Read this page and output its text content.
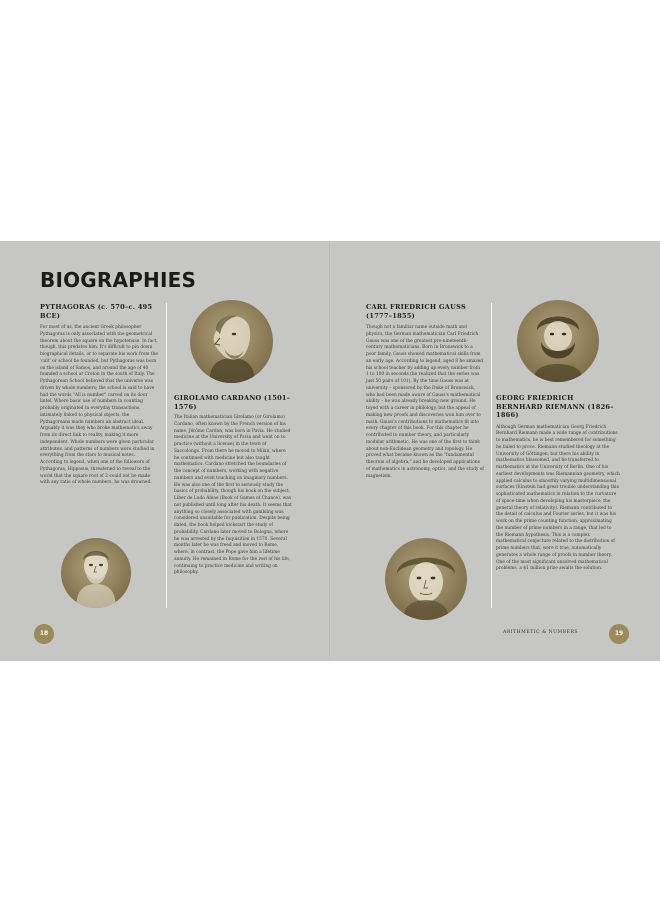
BIOGRAPHIES
PYTHAGORAS (c. 570–c. 495 BCE)

For most of us, the ancient Greek philosopher Pythagoras is only associated with the geometrical theorem about the square on the hypotenuse. In fact, though, this predates him. It's difficult to pin down biographical details, or to separate his work from the 'cult' or school he founded, but Pythagoras was born on the island of Samos, and around the age of 40 founded a school at Croton in the south of Italy. The Pythagorean School believed that the universe was driven by whole numbers; the school is said to have had the words "All is number" carved on its door lintel. Where basic use of numbers in counting probably originated in everyday transactions, intimately linked to physical objects, the Pythagoreans made numbers an abstract ideal. Arguably it was they who broke mathematics away from its direct link to reality, making it more independent. Whole numbers were given particular attributes, and patterns of numbers were studied in everything from the stars to musical notes. According to legend, when one of the followers of Pythagoras, Hippasus, threatened to reveal to the world that the square root of 2 could not be made with any ratio of whole numbers, he was drowned.

18
GIROLAMO CARDANO (1501–1576)

The Italian mathematician Girolamo (or Girolamo) Cardano, often known by the French version of his name, Jérôme Cardan, was born in Pavia. He studied medicine at the University of Pavia and went on to practice (without a license) in the town of Saccolongo. From there he moved to Milan, where he continued with medicine but also taught mathematics. Cardano stretched the boundaries of the concept of numbers, working with negative numbers and even touching on imaginary numbers. He was also one of the first to seriously study the basics of probability, though his book on the subject, Liber de Ludo Aleae (Book of Games of Chance), was not published until long after his death. It seems that anything so closely associated with gambling was considered unsuitable for publication. Despite being dated, the book helped kickstart the study of probability. Cardano later moved to Bologna, where he was arrested by the Inquisition in 1570. Several months later he was freed and moved to Rome, where, in contrast, the Pope gave him a lifetime annuity. He remained in Rome for the rest of his life, continuing to practice medicine and writing on philosophy.

CARL FRIEDRICH GAUSS
(1777–1855)

Though not a familiar name outside math and physics, the German mathematician Carl Friedrich Gauss was one of the greatest pre-nineteenth-century mathematicians. Born in Brunswick to a poor family, Gauss showed mathematical skills from an early age. According to legend, aged 8 he amazed his school teacher by adding up every number from 1 to 100 in seconds (he realized that the series was just 50 pairs of 101). By the time Gauss was at university – sponsored by the Duke of Brunswick, who had been made aware of Gauss's mathematical ability – he was already breaking new ground. He toyed with a career in philology, but the appeal of making new proofs and discoveries won him over to math. Gauss's contributions to mathematics fit into every chapter of this book. For this chapter he contributed to number theory, and particularly modular arithmetic. He was one of the first to think about non-Euclidean geometry and topology. He proved what became known as the "fundamental theorem of algebra," and he developed applications of mathematics in astronomy, optics, and the study of magnetism.

GEORG FRIEDRICH BERNHARD RIEMANN (1826–1866)

Although German mathematician Georg Friedrich Bernhard Riemann made a wide range of contributions to mathematics, he is best remembered for something he failed to prove. Riemann studied theology at the University of Göttingen, but there his ability in mathematics blossomed, and he transferred to mathematics at the University of Berlin. One of his earliest developments was Riemannian geometry, which applied calculus to smoothly varying multidimensional surfaces (Einstein had great trouble understanding this sophisticated mathematics in relation to the curvature of space-time when developing his masterpiece, the general theory of relativity). Riemann contributed to the detail of calculus and Fourier series, but it was his work on the prime counting function, approximating the number of prime numbers in a range, that led to the Riemann hypothesis. This is a complex mathematical conjecture related to the distribution of prime numbers that, were it true, automatically generates a whole range of proofs in number theory. One of the most significant unsolved mathematical problems, a $1 million prize awaits the solution.

ARITHMETIC & NUMBERS	19
